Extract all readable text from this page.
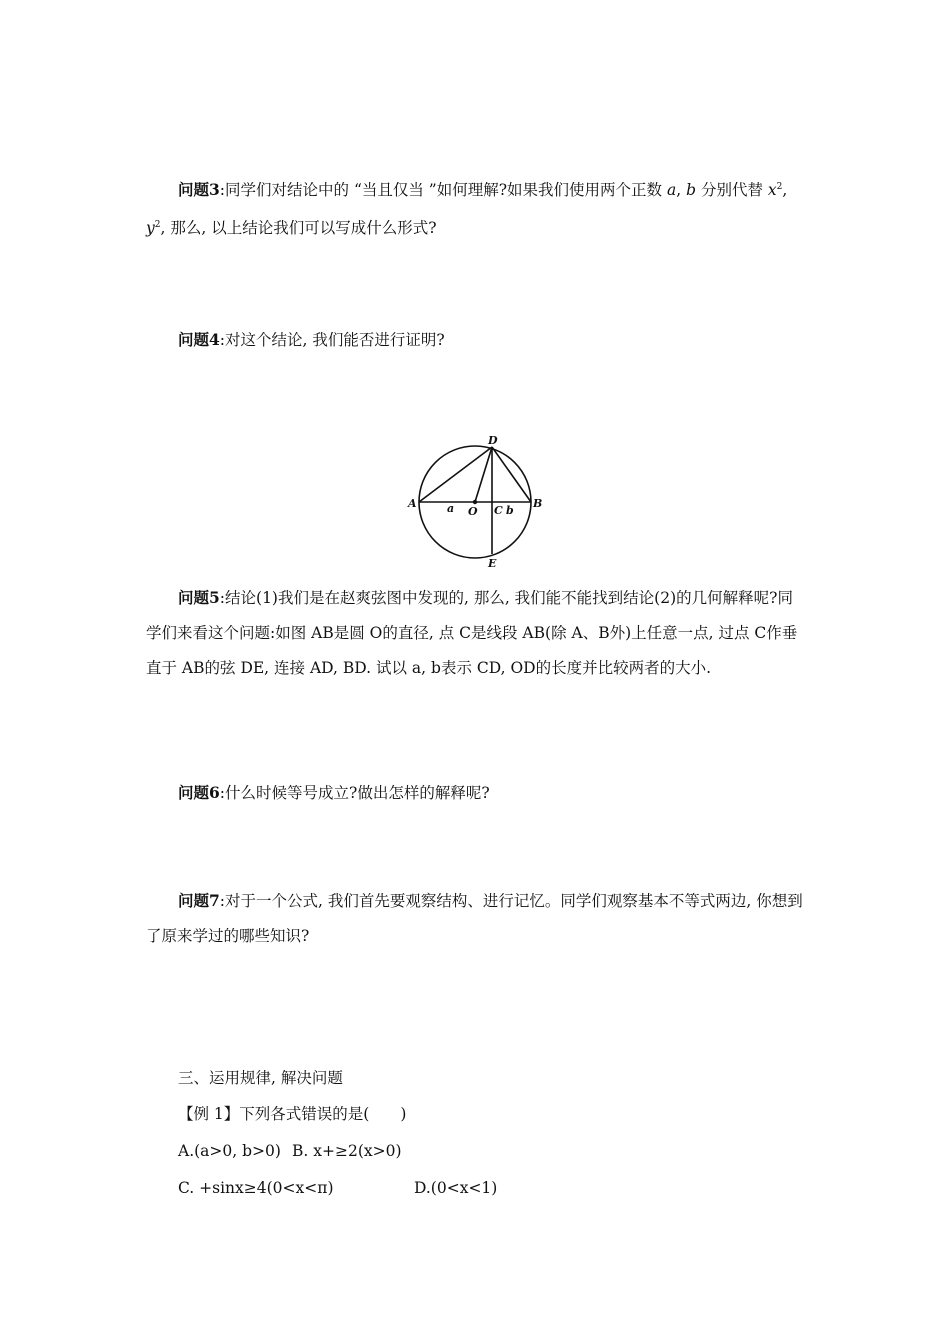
问题3:同学们对结论中的 “当且仅当 ”如何理解?如果我们使用两个正数 a, b 分别代替 $x^2$, $y^2$, 那么, 以上结论我们可以写成什么形式?

问题4:对这个结论, 我们能否进行证明?

D
A	B
E
O C
a	b

问题5:结论(1)我们是在赵爽弦图中发现的, 那么, 我们能不能找到结论(2)的几何解释呢?同学们来看这个问题:如图 AB是圆 O的直径, 点 C是线段 AB(除 A、B外)上任意一点, 过点 C作垂直于 AB的弦 DE, 连接 AD, BD. 试以 a, b表示 CD, OD的长度并比较两者的大小.

问题6:什么时候等号成立?做出怎样的解释呢?

问题7:对于一个公式, 我们首先要观察结构、进行记忆。同学们观察基本不等式两边, 你想到了原来学过的哪些知识?

三、运用规律, 解决问题

【例 1】下列各式错误的是(　　)

A.(a>0, b>0) B. x+≥2(x>0)

C. +sinx≥4(0<x<π)	D.(0<x<1)
